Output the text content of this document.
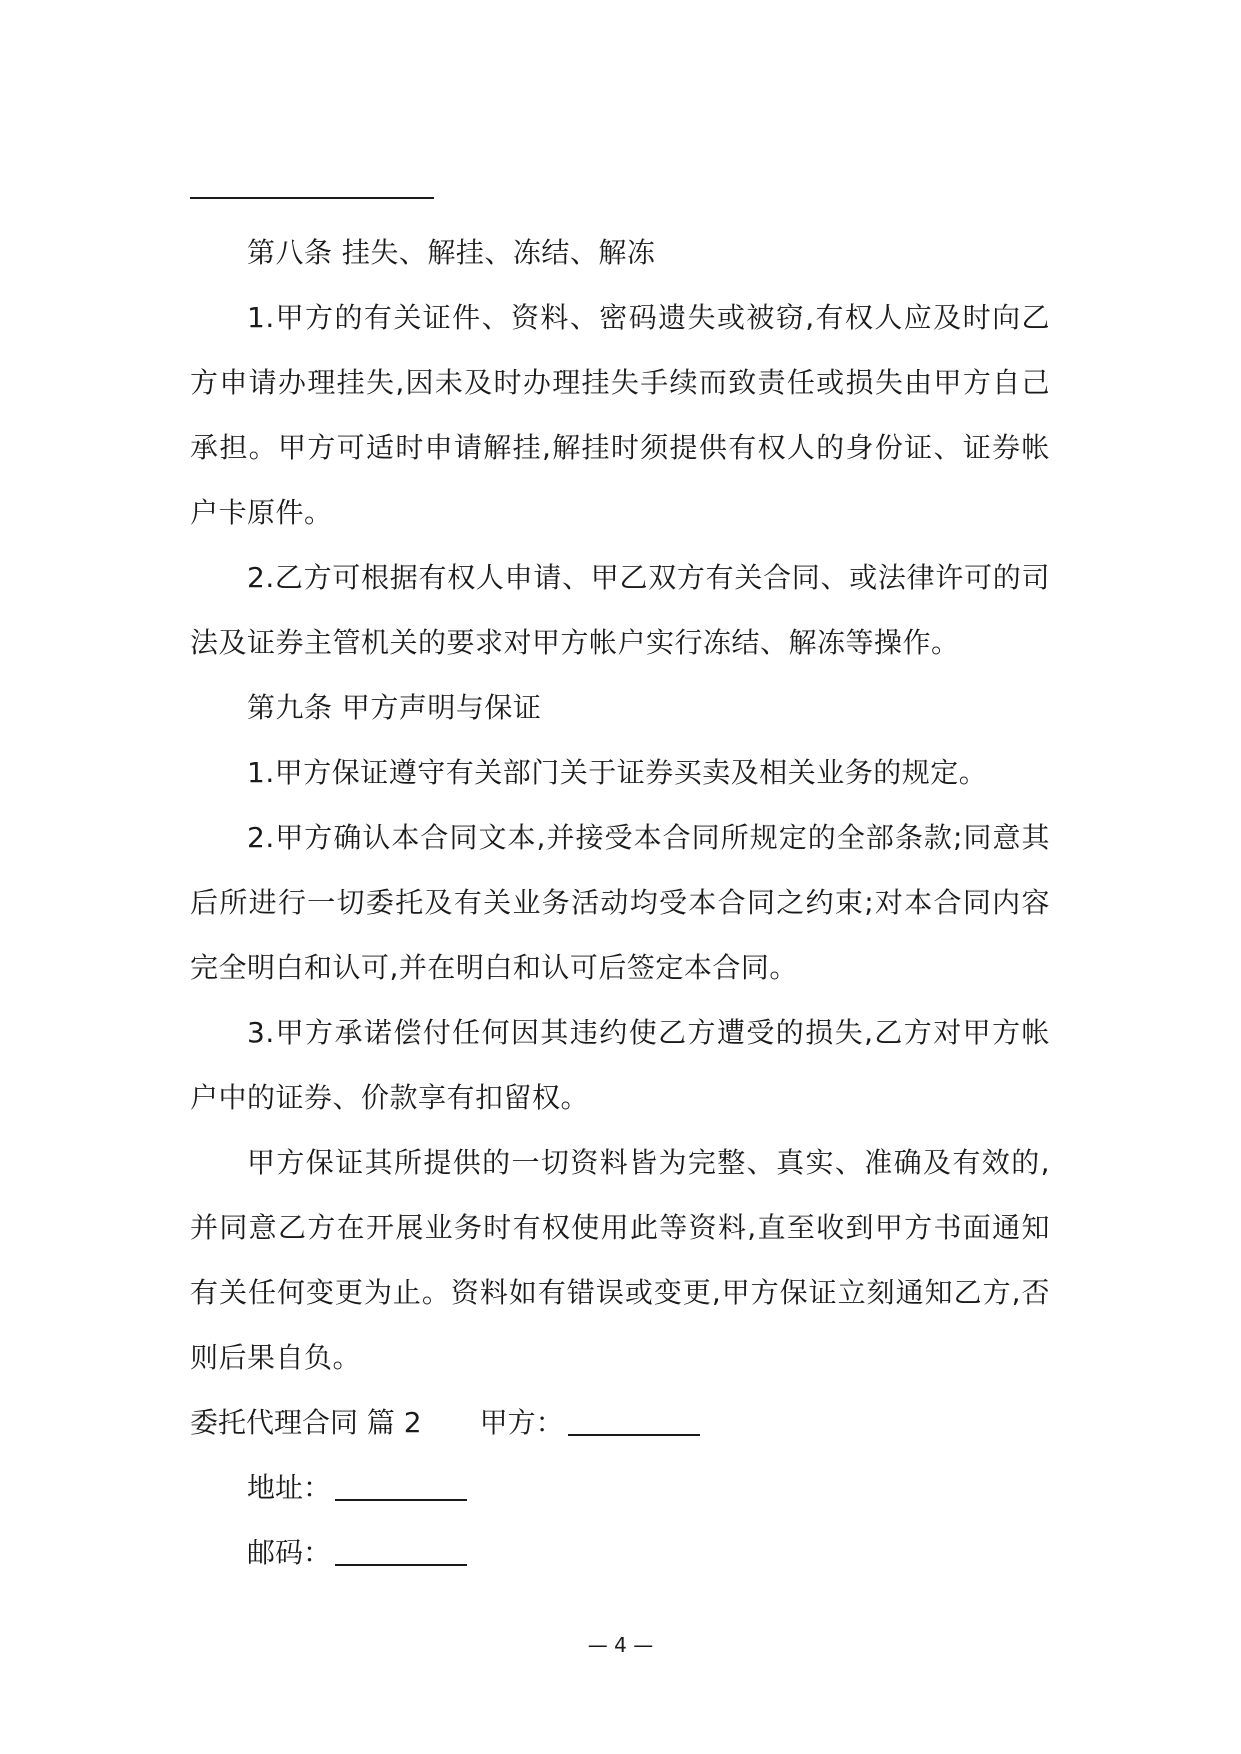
第八条 挂失、解挂、冻结、解冻

1.甲方的有关证件、资料、密码遗失或被窃,有权人应及时向乙方申请办理挂失,因未及时办理挂失手续而致责任或损失由甲方自己承担。甲方可适时申请解挂,解挂时须提供有权人的身份证、证券帐户卡原件。

2.乙方可根据有权人申请、甲乙双方有关合同、或法律许可的司法及证券主管机关的要求对甲方帐户实行冻结、解冻等操作。

第九条 甲方声明与保证

1.甲方保证遵守有关部门关于证券买卖及相关业务的规定。

2.甲方确认本合同文本,并接受本合同所规定的全部条款;同意其后所进行一切委托及有关业务活动均受本合同之约束;对本合同内容完全明白和认可,并在明白和认可后签定本合同。

3.甲方承诺偿付任何因其违约使乙方遭受的损失,乙方对甲方帐户中的证券、价款享有扣留权。

甲方保证其所提供的一切资料皆为完整、真实、准确及有效的,并同意乙方在开展业务时有权使用此等资料,直至收到甲方书面通知有关任何变更为止。资料如有错误或变更,甲方保证立刻通知乙方,否则后果自负。

委托代理合同 篇 2 甲方：

地址：

邮码：

— 4 —
